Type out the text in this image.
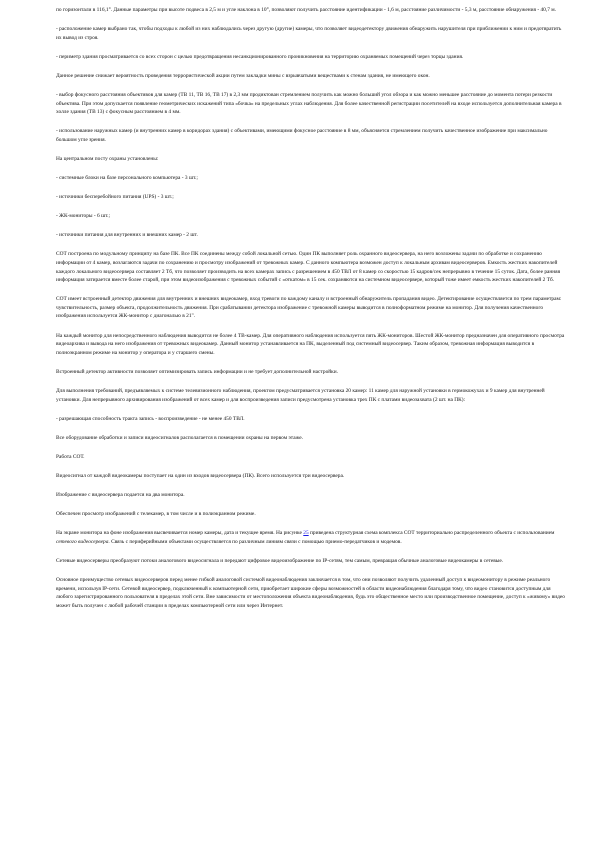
по горизонтали в 116,1°. Данные параметры при высоте подвеса в 2,5 м и угле наклона в 10°, позволяют получить расстояние идентификации - 1,6 м, расстояние различимости - 5,3 м, расстояние обнаружения - 40,7 м.

- расположение камер выбрано так, чтобы подходы к любой из них наблюдались через другую (другие) камеры, что позволяет видеодетектору движения обнаружить нарушителя при приближении к ним и предотвратить их вывод из строя.

- периметр здания просматривается со всех сторон с целью предотвращения несанкционированного проникновения на территорию охраняемых помещений через торцы здания.

Данное решение снижает вероятность проведения террористической акции путем закладки мины с взрывчатыми веществами к стенам здания, не имеющего окон.

- выбор фокусного расстояния объективов для камер (ТВ 11, ТВ 16, ТВ 17) в 2,3 мм продиктован стремлением получить как можно больший угол обзора и как можно меньшее расстояние до момента потери резкости объектива. При этом допускается появление геометрических искажений типа «бочка» на предельных углах наблюдения. Для более качественной регистрации посетителей на входе используется дополнительная камера в холле здания (ТВ 13) с фокусным расстоянием в 4 мм.

- использование наружных камер (и внутренних камер в коридорах здания) с объективами, имеющими фокусное расстояние в 8 мм, объясняется стремлением получить качественное изображение при максимально большом угле зрения.

На центральном посту охраны установлены:

- системные блоки на базе персонального компьютера - 3 шт.;

- источники бесперебойного питания (UPS) - 3 шт.;

- ЖК-мониторы - 6 шт.;

- источники питания для внутренних и внешних камер - 2 шт.

СОТ построена по модульному принципу на базе ПК. Все ПК соединены между собой локальной сетью. Один ПК выполняет роль охранного видеосервера, на него возложены задачи по обработке и сохранению информации от 4 камер, возлагаются задачи по сохранению и просмотру изображений от тревожных камер. С данного компьютера возможен доступ к локальным архивам видеосерверов. Емкость жестких накопителей каждого локального видеосервера составляет 2 Тб, что позволяет производить на всех камерах запись с разрешением в 450 ТВЛ от 8 камер со скоростью 15 кадров/сек непрерывно в течение 15 суток. Дата, более ранняя информация затирается вместе более старой, при этом видеоизображения с тревожных событий с «откатом» в 15 сек. сохраняются на системном видеосервере, который тоже имеет емкость жестких накопителей 2 Тб.

СОТ имеет встроенный детектор движения для внутренних и внешних видеокамер, вход тревоги по каждому каналу и встроенный обнаружитель пропадания видео. Детектирование осуществляется по трем параметрам: чувствительность, размер объекта, продолжительность движения. При срабатывании детектора изображение с тревожной камеры выводится в полноформатном режиме на монитор. Для получения качественного изображения используется ЖК-монитор с диагональю в 21".

На каждый монитор для непосредственного наблюдения выводится не более 4 ТВ-камер. Для оперативного наблюдения используется пять ЖК-мониторов. Шестой ЖК-монитор предназначен для оперативного просмотра видеоархива и вывода на него изображения от тревожных видеокамер. Данный монитор устанавливается на ПК, выделенный под системный видеосервер. Таким образом, тревожная информация выводится в полноэкранном режиме на монитор у оператора и у старшего смены.

Встроенный детектор активности позволяет оптимизировать запись информации и не требует дополнительной настройки.

Для выполнения требований, предъявляемых к системе телевизионного наблюдения, проектом предусматривается установка 20 камер: 11 камер для наружной установки в гермокожухах и 9 камер для внутренней установки. Для непрерывного архивирования изображений от всех камер и для воспроизведения записи предусмотрена установка трех ПК с платами видеозахвата (2 шт. на ПК):

- разрешающая способность тракта запись - воспроизведение - не менее 450 ТВЛ.

Все оборудование обработки и записи видеосигналов располагается в помещении охраны на первом этаже.

Работа СОТ.

Видеосигнал от каждой видеокамеры поступает на один из входов видеосервера (ПК). Всего используется три видеосервера.

Изображение с видеосервера подается на два монитора.

Обеспечен просмотр изображений с телекамер, в том числе и в полиэкранном режиме.

На экране монитора на фоне изображения высвечивается номер камеры, дата и текущее время. На рисунке 25 приведена структурная схема комплекса СОТ территориально распределенного объекта с использованием сетевого видеосервера. Связь с периферийными объектами осуществляется по различным линиям связи с помощью приемо-передатчиков и модемов.

Сетевые видеосерверы преобразуют потоки аналогового видеосигнала и передают цифровое видеоизображение по IP-сетям, тем самым, превращая обычные аналоговые видеокамеры в сетевые.

Основное преимущество сетевых видеосерверов перед менее гибкой аналоговой системой видеонаблюдения заключается в том, что они позволяют получить удаленный доступ к видеомонитору в режиме реального времени, используя IP-сети. Сетевой видеосервер, подключенный к компьютерной сети, приобретает широкие сферы возможностей в области видеонаблюдения благодаря тому, что видео становится доступным для любого зарегистрированного пользователя в пределах этой сети. Вне зависимости от местоположения объекта видеонаблюдения, будь это общественное место или производственное помещение, доступ к «живому» видео может быть получен с любой рабочей станции в пределах компьютерной сети или через Интернет.
